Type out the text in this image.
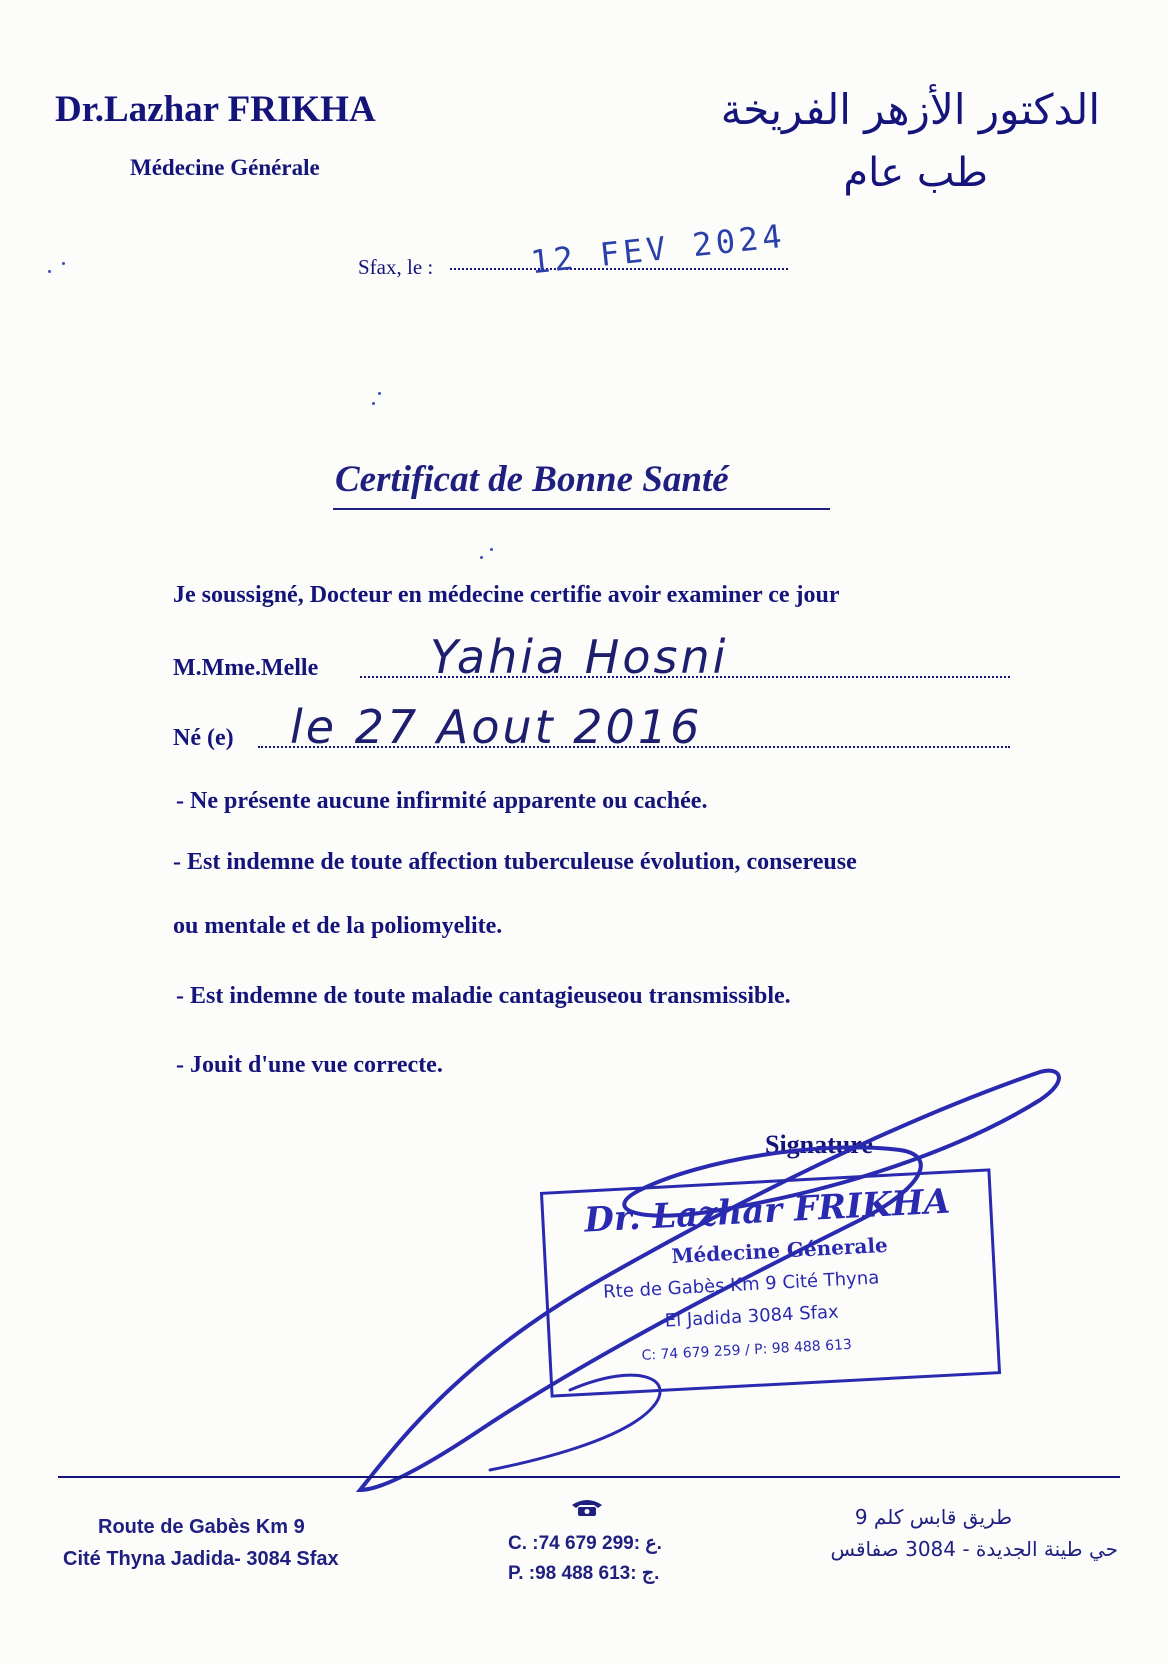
Dr.Lazhar FRIKHA
Médecine Générale
الدكتور الأزهر الفريخة
طب عام
Sfax, le :	12 FEV 2024
Certificat de Bonne Santé
Je soussigné, Docteur en médecine certifie avoir examiner ce jour
M.Mme.Melle Yahia Hosni
Né (e) le 27 Aout 2016
- Ne présente aucune infirmité apparente ou cachée.
- Est indemne de toute affection tuberculeuse évolution, consereuse
ou mentale et de la poliomyelite.
- Est indemne de toute maladie cantagieuseou transmissible.
- Jouit d'une vue correcte.
Signature
Dr. Lazhar FRIKHA
Médecine Génerale
Rte de Gabès Km 9 Cité Thyna
El Jadida 3084 Sfax
C: 74 679 259 / P: 98 488 613
Route de Gabès Km 9
Cité Thyna Jadida- 3084 Sfax
C. :74 679 299: ع.
P. :98 488 613: ج.
طريق قابس كلم 9
حي طينة الجديدة - 3084 صفاقس
